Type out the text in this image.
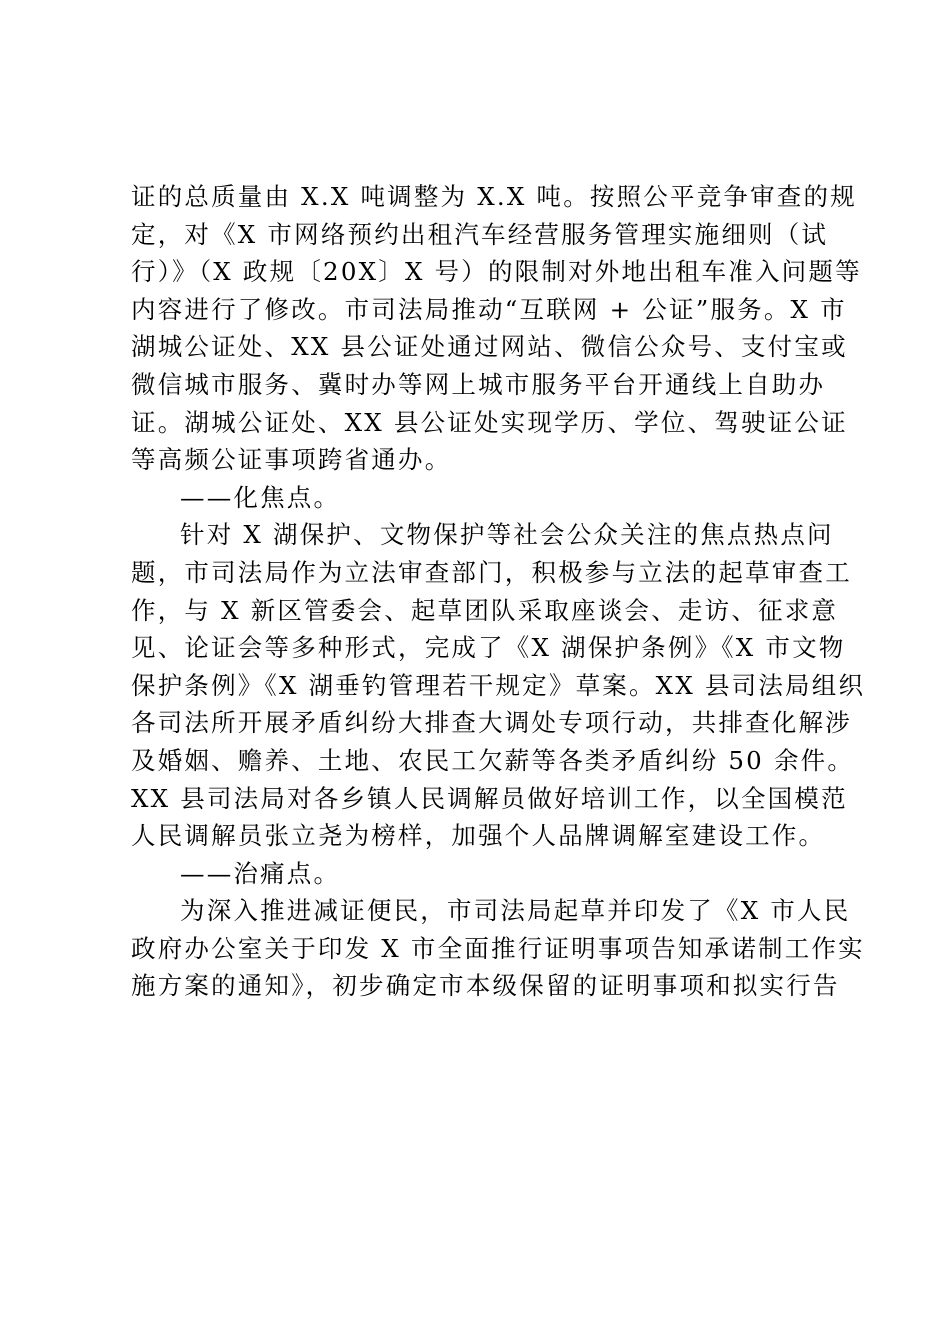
证的总质量由 X.X 吨调整为 X.X 吨。按照公平竞争审查的规
定，对《X 市网络预约出租汽车经营服务管理实施细则（试
行）》（X 政规〔20X〕X 号）的限制对外地出租车准入问题等
内容进行了修改。市司法局推动“互联网 + 公证”服务。X 市
湖城公证处、XX 县公证处通过网站、微信公众号、支付宝或
微信城市服务、冀时办等网上城市服务平台开通线上自助办
证。湖城公证处、XX 县公证处实现学历、学位、驾驶证公证
等高频公证事项跨省通办。

——化焦点。

针对 X 湖保护、文物保护等社会公众关注的焦点热点问
题，市司法局作为立法审查部门，积极参与立法的起草审查工
作，与 X 新区管委会、起草团队采取座谈会、走访、征求意
见、论证会等多种形式，完成了《X 湖保护条例》《X 市文物
保护条例》《X 湖垂钓管理若干规定》草案。XX 县司法局组织
各司法所开展矛盾纠纷大排查大调处专项行动，共排查化解涉
及婚姻、赡养、土地、农民工欠薪等各类矛盾纠纷 50 余件。
XX 县司法局对各乡镇人民调解员做好培训工作，以全国模范
人民调解员张立尧为榜样，加强个人品牌调解室建设工作。

——治痛点。

为深入推进减证便民，市司法局起草并印发了《X 市人民
政府办公室关于印发 X 市全面推行证明事项告知承诺制工作实
施方案的通知》，初步确定市本级保留的证明事项和拟实行告
